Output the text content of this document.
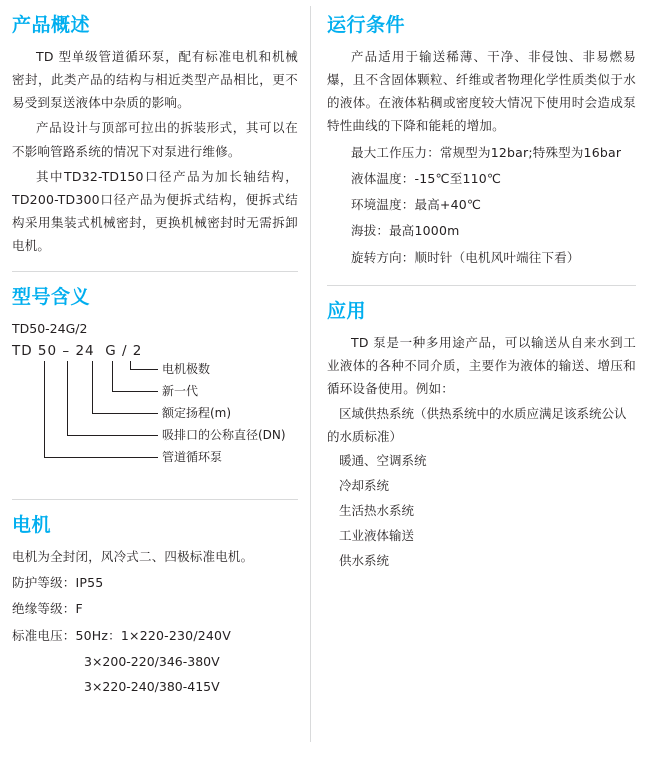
产品概述

TD 型单级管道循环泵，配有标准电机和机械密封，此类产品的结构与相近类型产品相比，更不易受到泵送液体中杂质的影响。

产品设计与顶部可拉出的拆装形式，其可以在不影响管路系统的情况下对泵进行维修。

其中TD32-TD150口径产品为加长轴结构，TD200-TD300口径产品为便拆式结构，便拆式结构采用集装式机械密封，更换机械密封时无需拆卸电机。

型号含义

TD50-24G/2

TD 50 – 24  G / 2

电机极数
新一代
额定扬程(m)
吸排口的公称直径(DN)
管道循环泵
电机

电机为全封闭，风冷式二、四极标准电机。

防护等级：IP55

绝缘等级：F

标准电压：50Hz：1×220-230/240V

3×200-220/346-380V

3×220-240/380-415V

运行条件

产品适用于输送稀薄、干净、非侵蚀、非易燃易爆，且不含固体颗粒、纤维或者物理化学性质类似于水的液体。在液体粘稠或密度较大情况下使用时会造成泵特性曲线的下降和能耗的增加。

最大工作压力：常规型为12bar;特殊型为16bar

液体温度：-15℃至110℃

环境温度：最高+40℃

海拔：最高1000m

旋转方向：顺时针（电机风叶端往下看）

应用

TD 泵是一种多用途产品，可以输送从自来水到工业液体的各种不同介质，主要作为液体的输送、增压和循环设备使用。例如：

区域供热系统（供热系统中的水质应满足该系统公认的水质标准）

暖通、空调系统

冷却系统

生活热水系统

工业液体输送

供水系统
